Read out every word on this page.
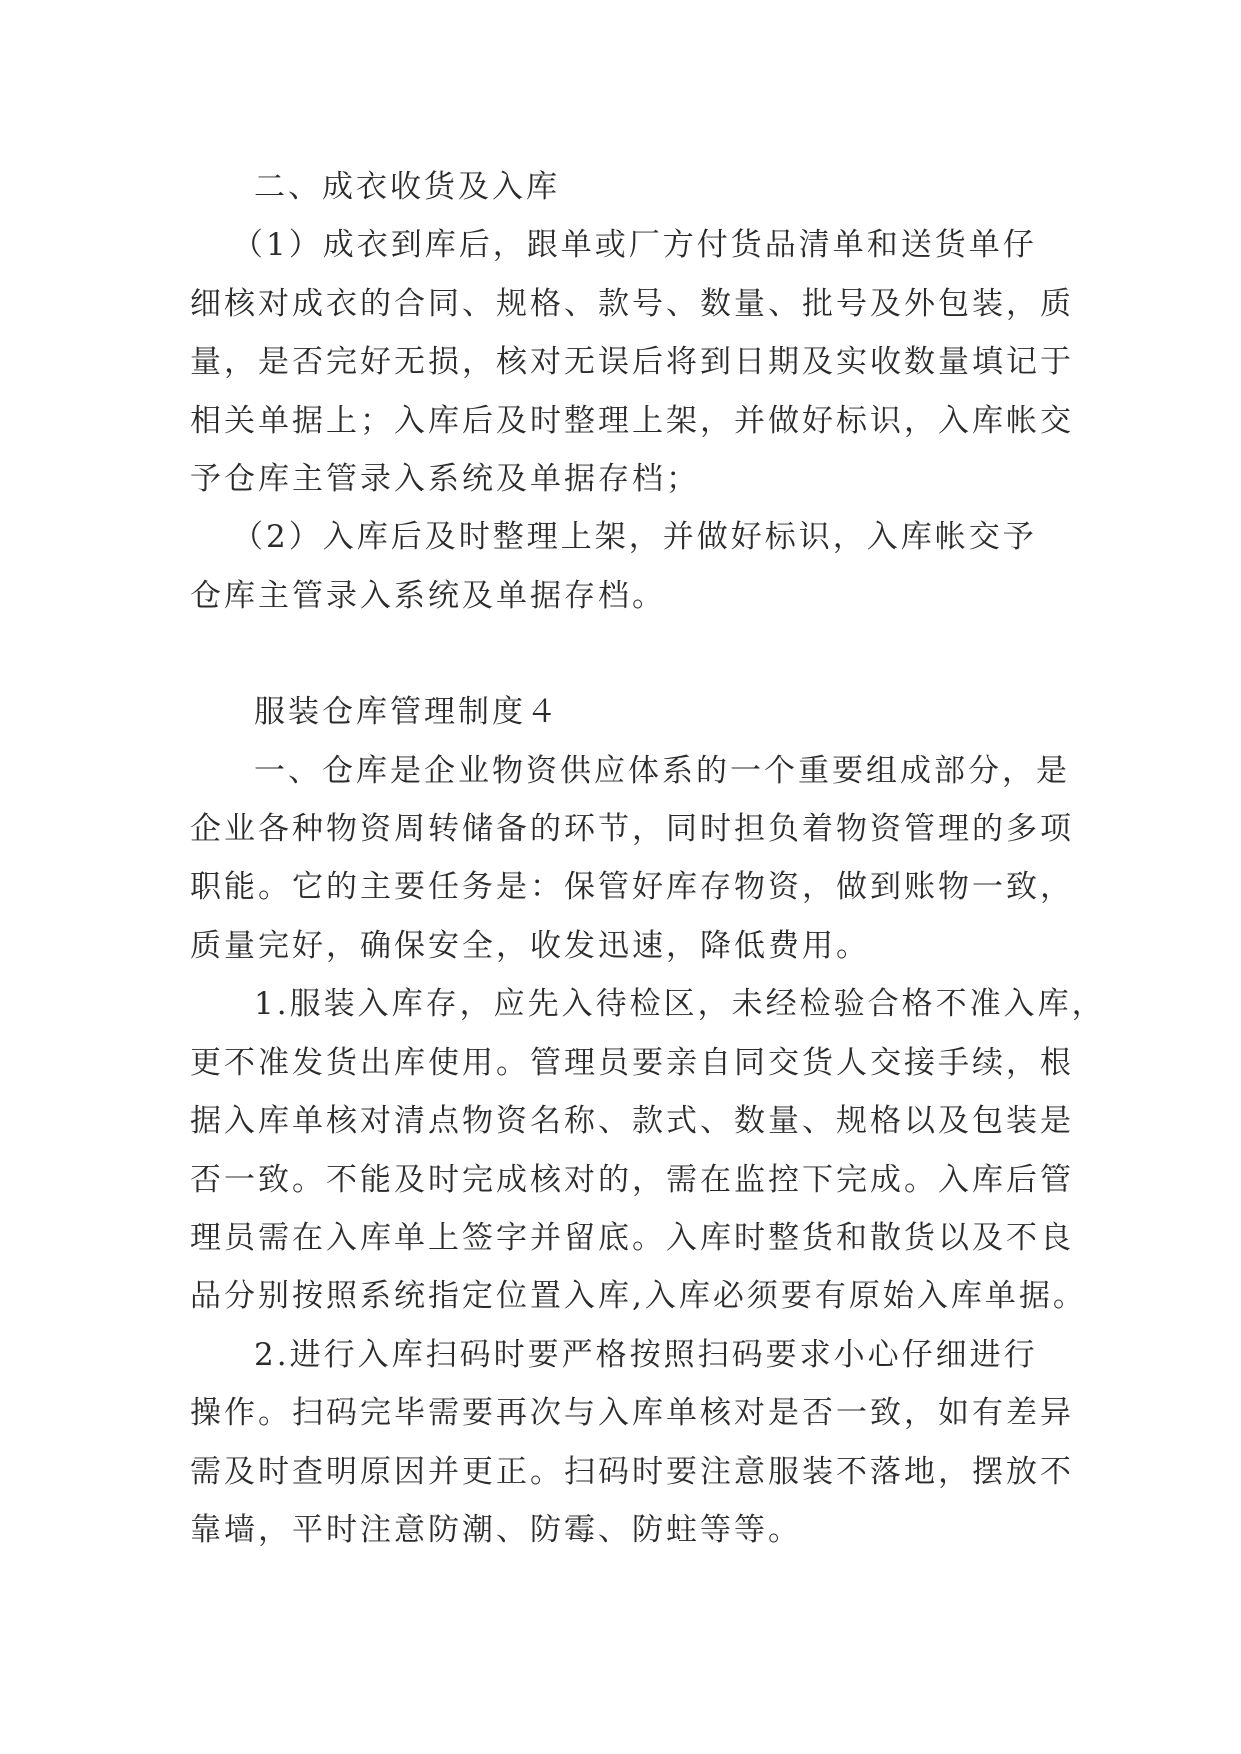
二、成衣收货及入库
（1）成衣到库后，跟单或厂方付货品清单和送货单仔
细核对成衣的合同、规格、款号、数量、批号及外包装，质
量，是否完好无损，核对无误后将到日期及实收数量填记于
相关单据上；入库后及时整理上架，并做好标识，入库帐交
予仓库主管录入系统及单据存档；
（2）入库后及时整理上架，并做好标识，入库帐交予
仓库主管录入系统及单据存档。
服装仓库管理制度４
一、仓库是企业物资供应体系的一个重要组成部分，是
企业各种物资周转储备的环节，同时担负着物资管理的多项
职能。它的主要任务是：保管好库存物资，做到账物一致，
质量完好，确保安全，收发迅速，降低费用。
1.服装入库存，应先入待检区，未经检验合格不准入库，
更不准发货出库使用。管理员要亲自同交货人交接手续，根
据入库单核对清点物资名称、款式、数量、规格以及包装是
否一致。不能及时完成核对的，需在监控下完成。入库后管
理员需在入库单上签字并留底。入库时整货和散货以及不良
品分别按照系统指定位置入库,入库必须要有原始入库单据。
2.进行入库扫码时要严格按照扫码要求小心仔细进行
操作。扫码完毕需要再次与入库单核对是否一致，如有差异
需及时查明原因并更正。扫码时要注意服装不落地，摆放不
靠墙，平时注意防潮、防霉、防蛀等等。
